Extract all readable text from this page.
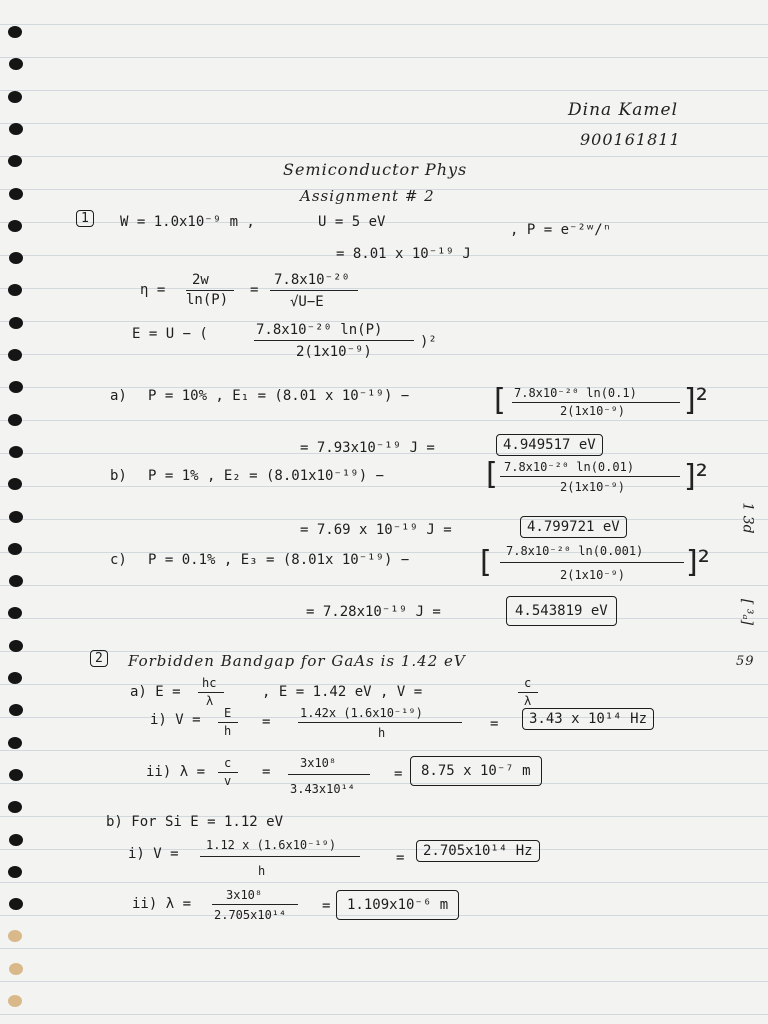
Dina Kamel
900161811
Semiconductor Phys
Assignment # 2
1	W = 1.0x10⁻⁹ m ,	U = 5 eV	, P = e⁻²ʷ/ⁿ
= 8.01 x 10⁻¹⁹ J
η =
2w
ln(P)
=
7.8x10⁻²⁰
√U−E
E = U − (	7.8x10⁻²⁰ ln(P)
2(1x10⁻⁹)
)²
a) P = 10% , E₁ = (8.01 x 10⁻¹⁹) −	[ 7.8x10⁻²⁰ ln(0.1)
2(1x10⁻⁹) ]²
= 7.93x10⁻¹⁹ J =	4.949517 eV
b) P = 1% , E₂ = (8.01x10⁻¹⁹) −	[ 7.8x10⁻²⁰ ln(0.01)
2(1x10⁻⁹) ]²
= 7.69 x 10⁻¹⁹ J =	4.799721 eV
c) P = 0.1% , E₃ = (8.01x 10⁻¹⁹) − [ 7.8x10⁻²⁰ ln(0.001)
2(1x10⁻⁹) ]²
= 7.28x10⁻¹⁹ J =	4.543819 eV
2	Forbidden Bandgap for GaAs is 1.42 eV
a) E =
hc
λ
, E = 1.42 eV , V =
c
λ
i) V = E
h
=
1.42x (1.6x10⁻¹⁹)
h
=	3.43 x 10¹⁴ Hz
ii) λ =
c
v
=
3x10⁸
3.43x10¹⁴
=	8.75 x 10⁻⁷ m
b) For Si E = 1.12 eV
i) V =
1.12 x (1.6x10⁻¹⁹)
h
=	2.705x10¹⁴ Hz
ii) λ =
3x10⁸
2.705x10¹⁴
=	1.109x10⁻⁶ m
1 3d
[ ³ₐ]
59
